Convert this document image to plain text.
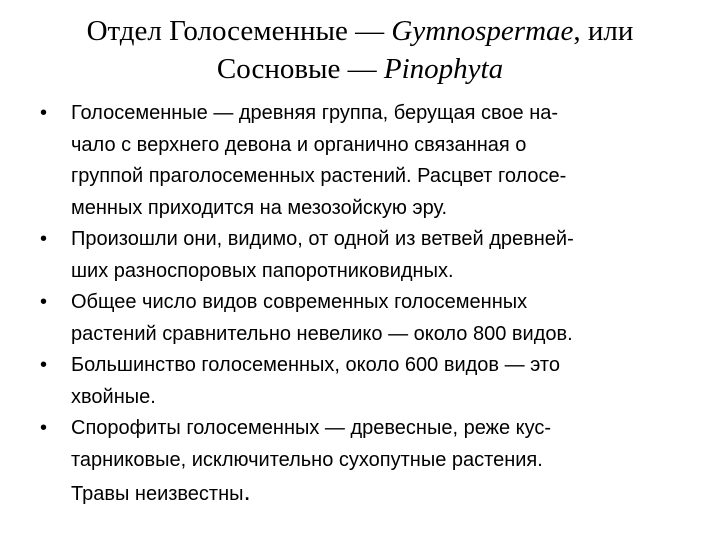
Отдел Голосеменные — Gymnospermae, или
Сосновые — Pinophyta
• Голосеменные — древняя группа, берущая свое на-
чало с верхнего девона и органично связанная о
группой праголосеменных растений. Расцвет голосе-
менных приходится на мезозойскую эру.
• Произошли они, видимо, от одной из ветвей древней-
ших разноспоровых папоротниковидных.
• Общее число видов современных голосеменных
растений сравнительно невелико — около 800 видов.
• Большинство голосеменных, около 600 видов — это
хвойные.
• Спорофиты голосеменных — древесные, реже кус-
тарниковые, исключительно сухопутные растения.
Травы неизвестны.
